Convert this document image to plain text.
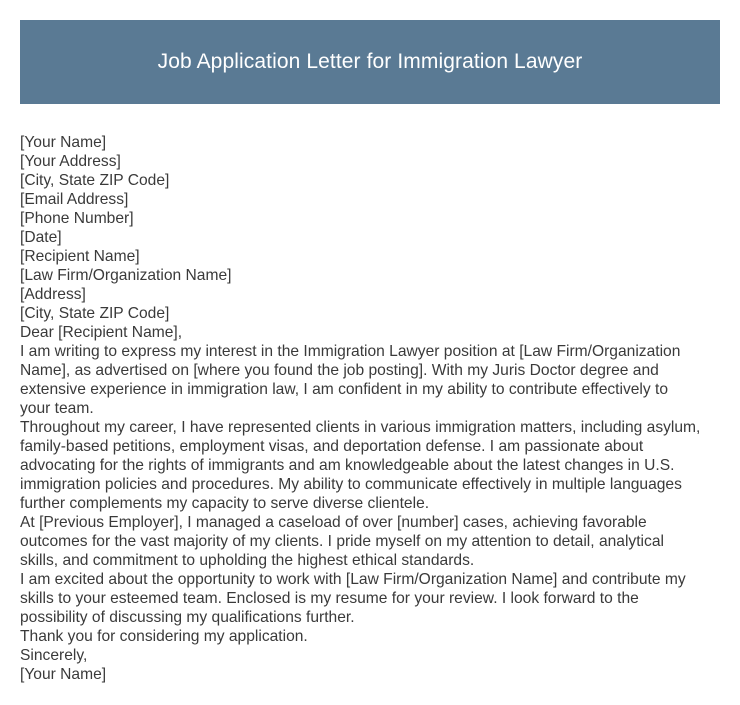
Job Application Letter for Immigration Lawyer
[Your Name]
[Your Address]
[City, State ZIP Code]
[Email Address]
[Phone Number]
[Date]
[Recipient Name]
[Law Firm/Organization Name]
[Address]
[City, State ZIP Code]
Dear [Recipient Name],
I am writing to express my interest in the Immigration Lawyer position at [Law Firm/Organization
Name], as advertised on [where you found the job posting]. With my Juris Doctor degree and
extensive experience in immigration law, I am confident in my ability to contribute effectively to
your team.
Throughout my career, I have represented clients in various immigration matters, including asylum,
family-based petitions, employment visas, and deportation defense. I am passionate about
advocating for the rights of immigrants and am knowledgeable about the latest changes in U.S.
immigration policies and procedures. My ability to communicate effectively in multiple languages
further complements my capacity to serve diverse clientele.
At [Previous Employer], I managed a caseload of over [number] cases, achieving favorable
outcomes for the vast majority of my clients. I pride myself on my attention to detail, analytical
skills, and commitment to upholding the highest ethical standards.
I am excited about the opportunity to work with [Law Firm/Organization Name] and contribute my
skills to your esteemed team. Enclosed is my resume for your review. I look forward to the
possibility of discussing my qualifications further.
Thank you for considering my application.
Sincerely,
[Your Name]
